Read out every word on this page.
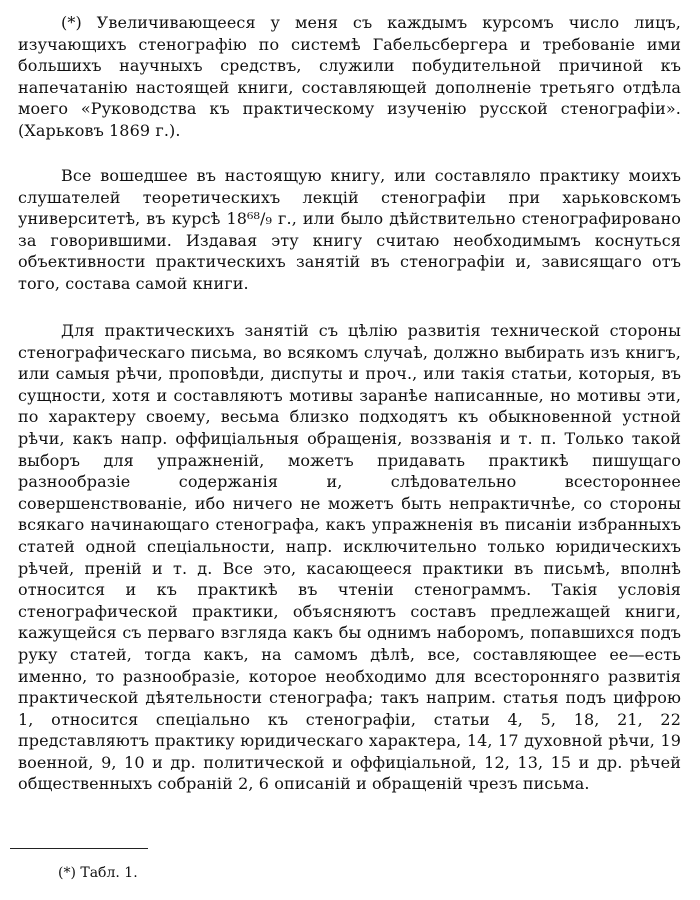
(*) Увеличивающееся у меня съ каждымъ курсомъ число лицъ, изучающихъ стенографію по системѣ Габельсбергера и требованіе ими большихъ научныхъ средствъ, служили побудительной причиной къ напечатанію настоящей книги, составляющей дополненіе третьяго отдѣла моего «Руководства къ практическому изученію русской стенографіи». (Харьковъ 1869 г.).

Все вошедшее въ настоящую книгу, или составляло практику моихъ слушателей теоретическихъ лекцій стенографіи при харьковскомъ университетѣ, въ курсѣ 18⁶⁸/₉ г., или было дѣйствительно стенографировано за говорившими. Издавая эту книгу считаю необходимымъ коснуться объективности практическихъ занятій въ стенографіи и, зависящаго отъ того, состава самой книги.

Для практическихъ занятій съ цѣлію развитія технической стороны стенографическаго письма, во всякомъ случаѣ, должно выбирать изъ книгъ, или самыя рѣчи, проповѣди, диспуты и проч., или такія статьи, которыя, въ сущности, хотя и составляютъ мотивы заранѣе написанные, но мотивы эти, по характеру своему, весьма близко подходятъ къ обыкновенной устной рѣчи, какъ напр. оффиціальныя обращенія, воззванія и т. п. Только такой выборъ для упражненій, можетъ придавать практикѣ пишущаго разнообразіе содержанія и, слѣдовательно всестороннее совершенствованіе, ибо ничего не можетъ быть непрактичнѣе, со стороны всякаго начинающаго стенографа, какъ упражненія въ писаніи избранныхъ статей одной спеціальности, напр. исключительно только юридическихъ рѣчей, преній и т. д. Все это, касающееся практики въ письмѣ, вполнѣ относится и къ практикѣ въ чтеніи стенограммъ. Такія условія стенографической практики, объясняютъ составъ предлежащей книги, кажущейся съ перваго взгляда какъ бы однимъ наборомъ, попавшихся подъ руку статей, тогда какъ, на самомъ дѣлѣ, все, составляющее ее—есть именно, то разнообразіе, которое необходимо для всесторонняго развитія практической дѣятельности стенографа; такъ наприм. статья подъ цифрою 1, относится спеціально къ стенографіи, статьи 4, 5, 18, 21, 22 представляютъ практику юридическаго характера, 14, 17 духовной рѣчи, 19 военной, 9, 10 и др. политической и оффиціальной, 12, 13, 15 и др. рѣчей общественныхъ собраній 2, 6 описаній и обращеній чрезъ письма.

(*) Табл. 1.
